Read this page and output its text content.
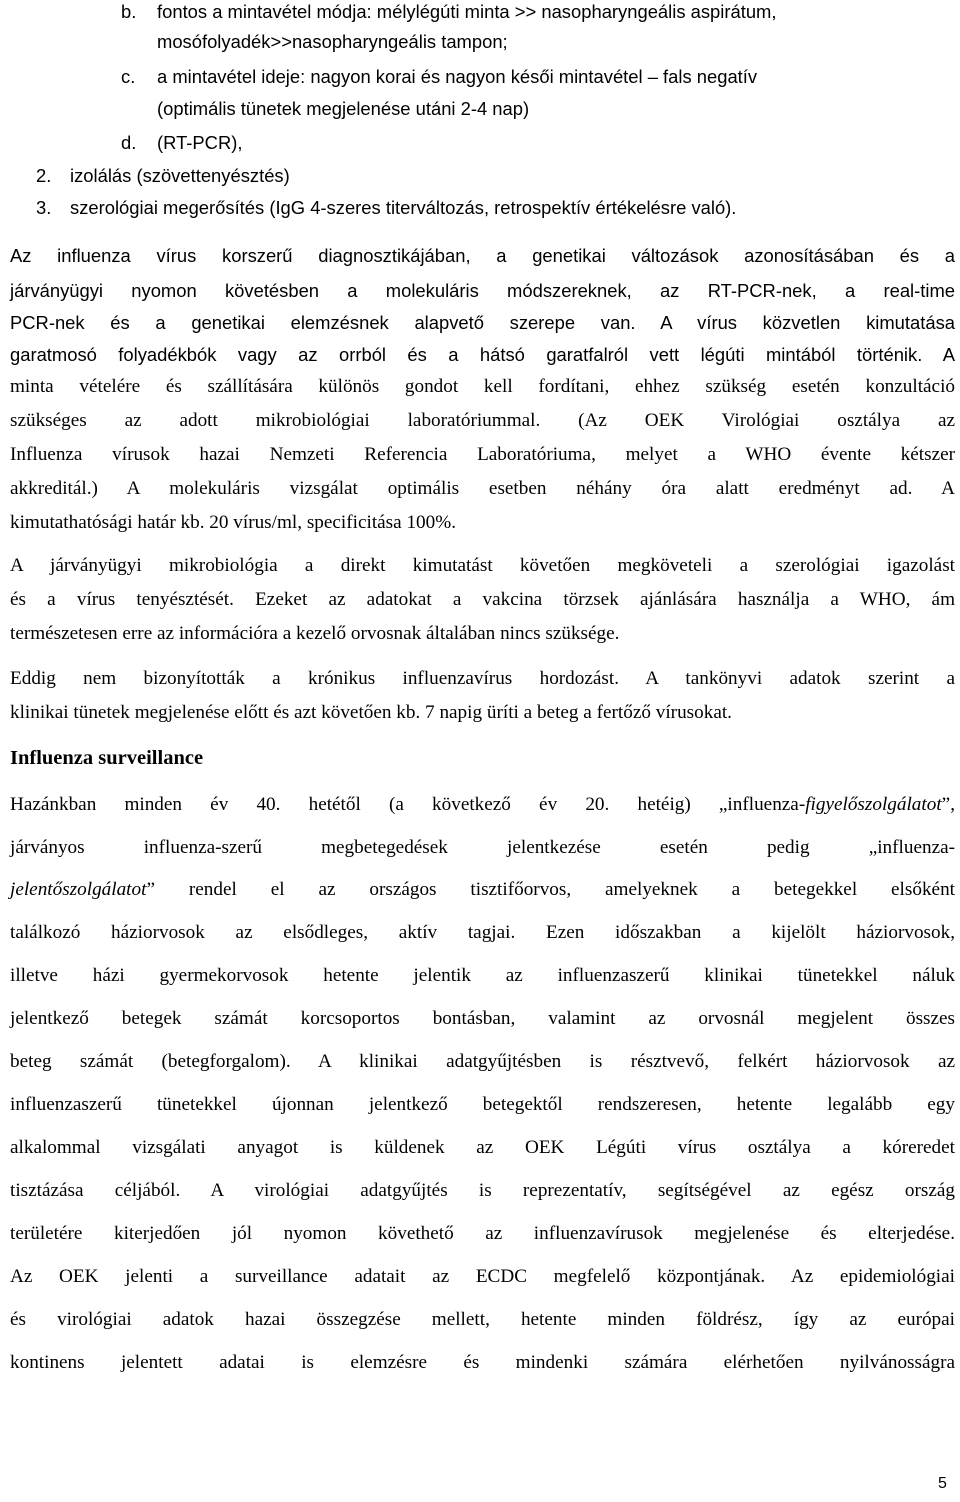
b. fontos a mintavétel módja: mélylégúti minta >> nasopharyngeális aspirátum,
mosófolyadék>>nasopharyngeális tampon;
c. a mintavétel ideje: nagyon korai és nagyon késői mintavétel – fals negatív
(optimális tünetek megjelenése utáni 2-4 nap)
d. (RT-PCR),
2. izolálás (szövettenyésztés)
3. szerológiai megerősítés (IgG 4-szeres titerváltozás, retrospektív értékelésre való).
Az influenza vírus korszerű diagnosztikájában, a genetikai változások azonosításában és a
járványügyi nyomon követésben a molekuláris módszereknek, az RT-PCR-nek, a real-time
PCR-nek és a genetikai elemzésnek alapvető szerepe van. A vírus közvetlen kimutatása
garatmosó folyadékbók vagy az orrból és a hátsó garatfalról vett légúti mintából történik. A
minta vételére és szállítására különös gondot kell fordítani, ehhez szükség esetén konzultáció
szükséges az adott mikrobiológiai laboratóriummal. (Az OEK Virológiai osztálya az
Influenza vírusok hazai Nemzeti Referencia Laboratóriuma, melyet a WHO évente kétszer
akkreditál.) A molekuláris vizsgálat optimális esetben néhány óra alatt eredményt ad. A
kimutathatósági határ kb. 20 vírus/ml, specificitása 100%.
A járványügyi mikrobiológia a direkt kimutatást követően megköveteli a szerológiai igazolást
és a vírus tenyésztését. Ezeket az adatokat a vakcina törzsek ajánlására használja a WHO, ám
természetesen erre az információra a kezelő orvosnak általában nincs szüksége.
Eddig nem bizonyították a krónikus influenzavírus hordozást. A tankönyvi adatok szerint a
klinikai tünetek megjelenése előtt és azt követően kb. 7 napig üríti a beteg a fertőző vírusokat.
Influenza surveillance
Hazánkban minden év 40. hetétől (a következő év 20. hetéig) „influenza-figyelőszolgálatot”,
járványos influenza-szerű megbetegedések jelentkezése esetén pedig „influenza-
jelentőszolgálatot” rendel el az országos tisztifőorvos, amelyeknek a betegekkel elsőként
találkozó háziorvosok az elsődleges, aktív tagjai. Ezen időszakban a kijelölt háziorvosok,
illetve házi gyermekorvosok hetente jelentik az influenzaszerű klinikai tünetekkel náluk
jelentkező betegek számát korcsoportos bontásban, valamint az orvosnál megjelent összes
beteg számát (betegforgalom). A klinikai adatgyűjtésben is résztvevő, felkért háziorvosok az
influenzaszerű tünetekkel újonnan jelentkező betegektől rendszeresen, hetente legalább egy
alkalommal vizsgálati anyagot is küldenek az OEK Légúti vírus osztálya a kóreredet
tisztázása céljából. A virológiai adatgyűjtés is reprezentatív, segítségével az egész ország
területére kiterjedően jól nyomon követhető az influenzavírusok megjelenése és elterjedése.
Az OEK jelenti a surveillance adatait az ECDC megfelelő központjának. Az epidemiológiai
és virológiai adatok hazai összegzése mellett, hetente minden földrész, így az európai
kontinens jelentett adatai is elemzésre és mindenki számára elérhetően nyilvánosságra
5
